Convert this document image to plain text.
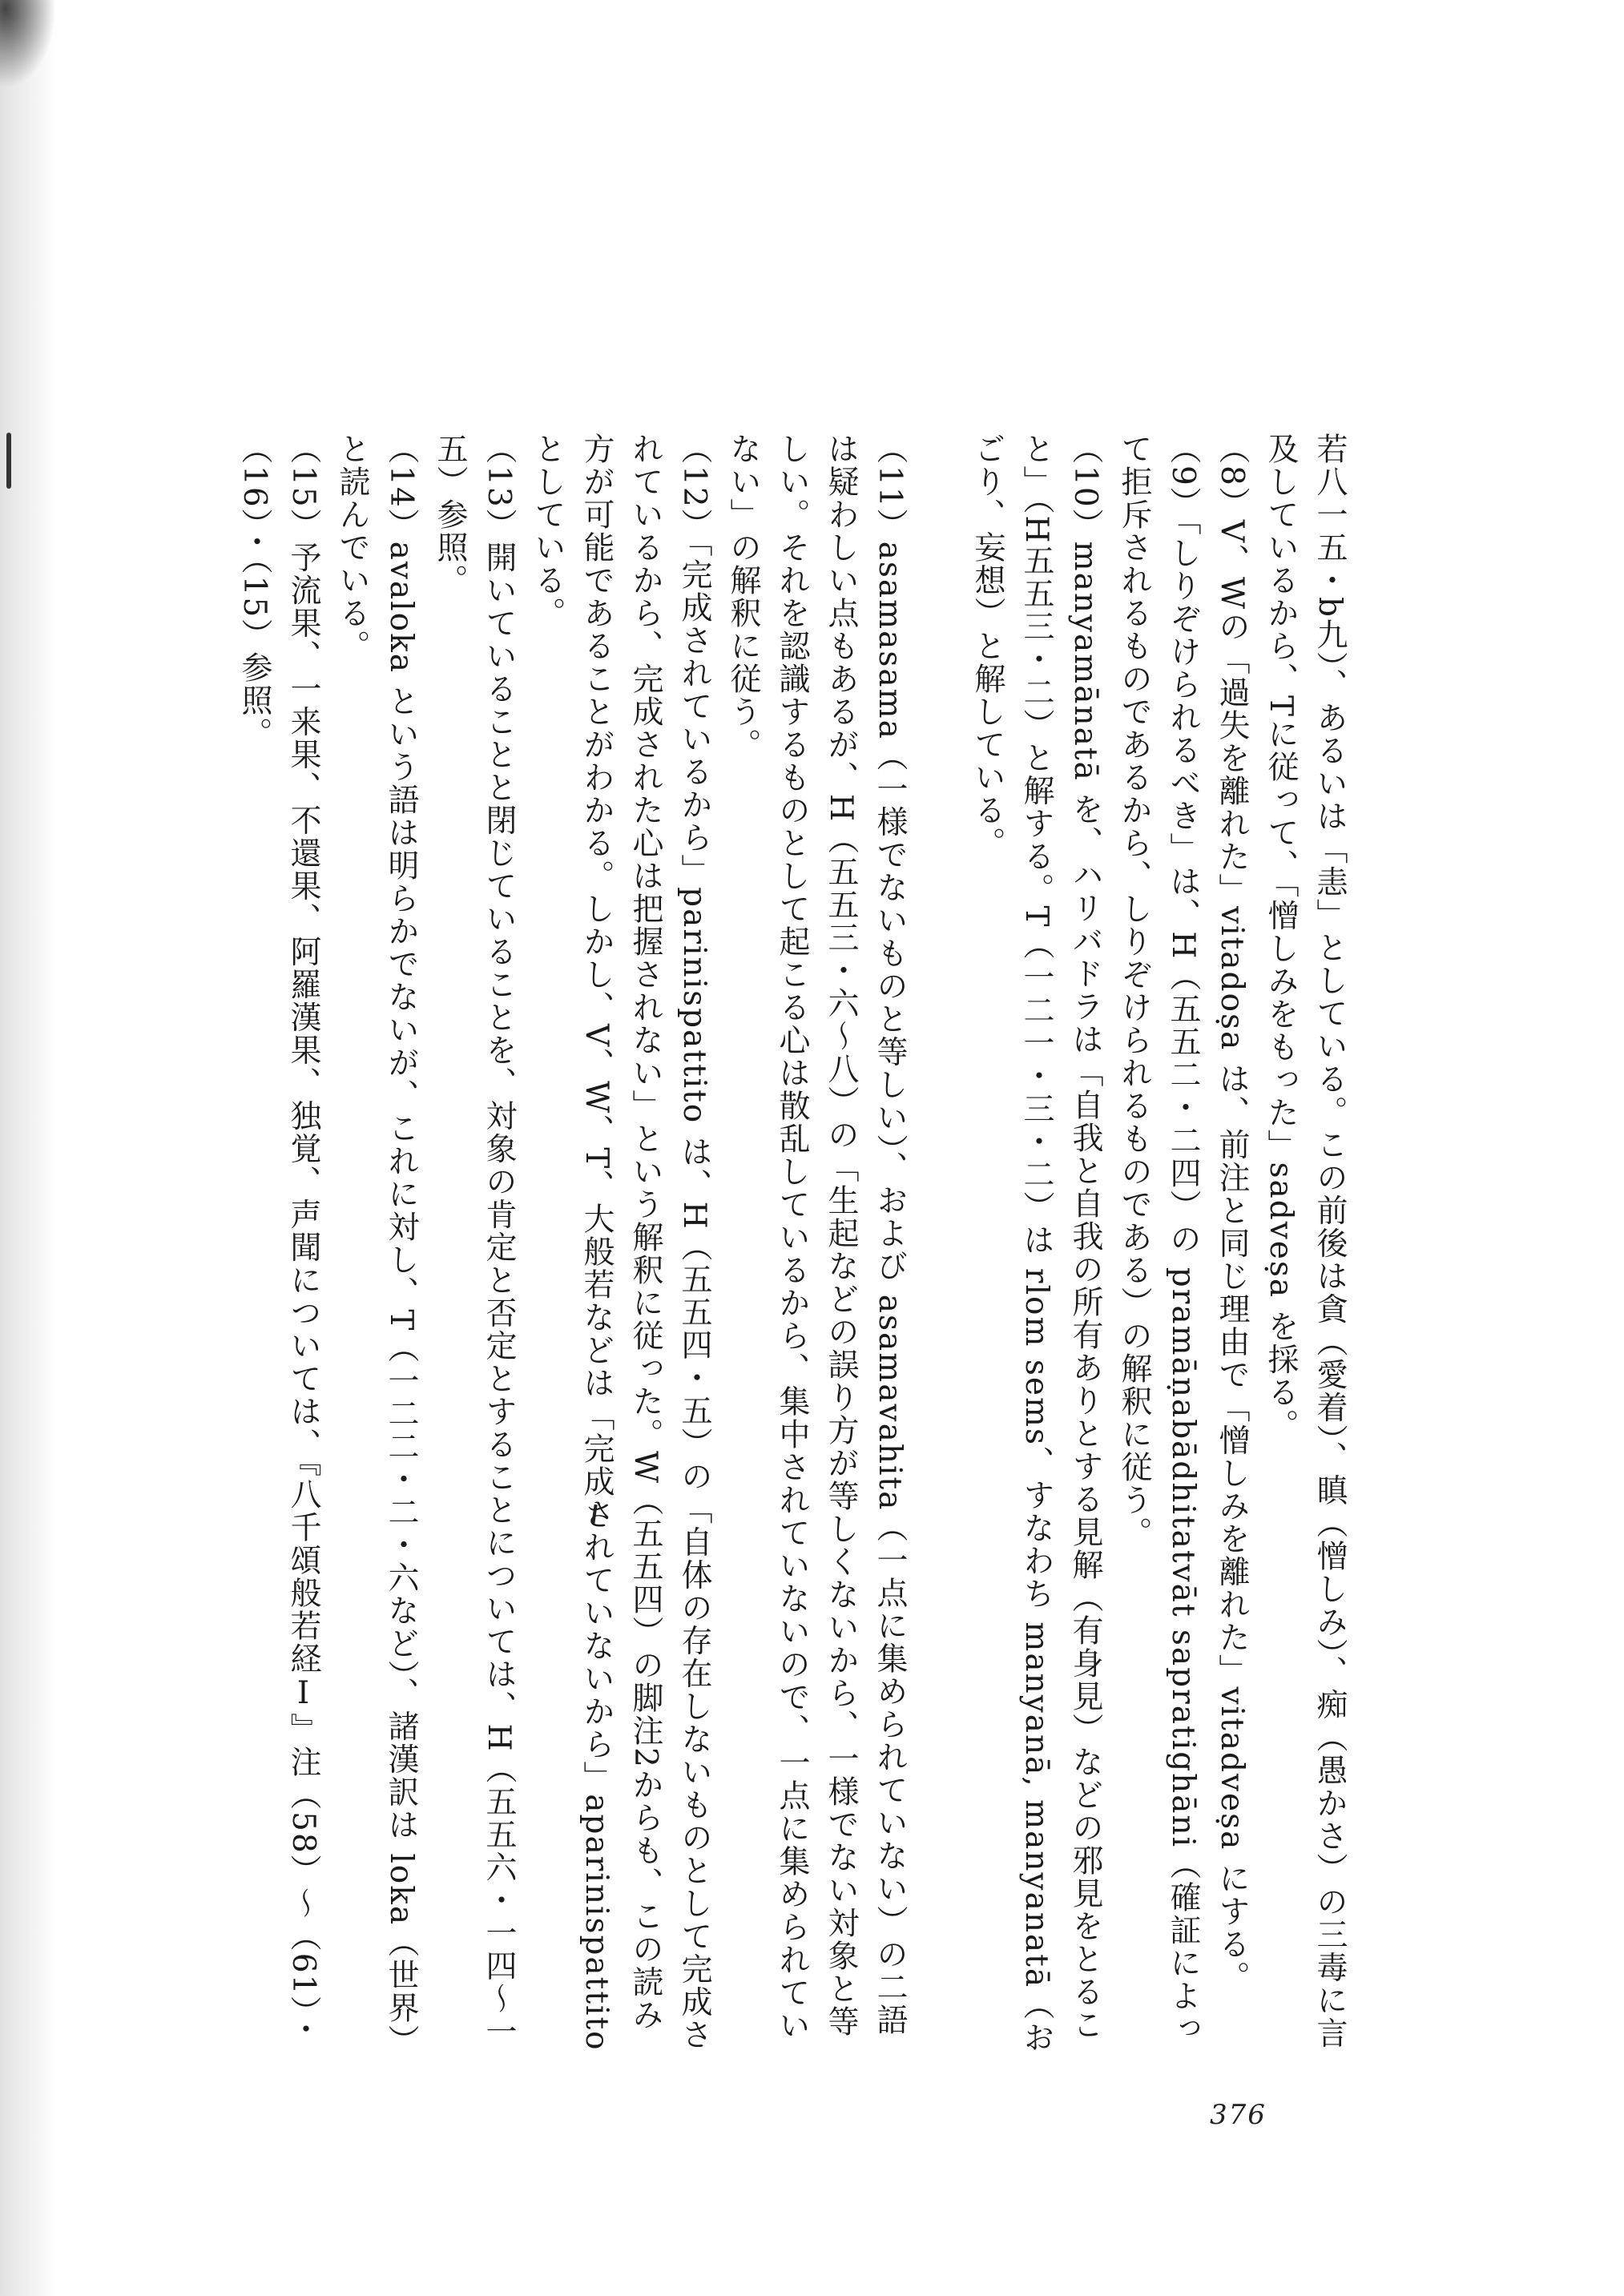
若八一五・b九）、あるいは「恚」としている。この前後は貪（愛着）、瞋（憎しみ）、痴（愚かさ）の三毒に言及しているから、Tに従って、「憎しみをもった」sadveṣa を採る。

（8）V、Wの「過失を離れた」vitadoṣa は、前注と同じ理由で「憎しみを離れた」vitadveṣa にする。

（9）「しりぞけられるべき」は、H（五五二・二四）の pramāṇabādhitatvāt sapratighāni（確証によって拒斥されるものであるから、しりぞけられるものである）の解釈に従う。

（10）manyamānatā を、ハリバドラは「自我と自我の所有ありとする見解（有身見）などの邪見をとること」（H五五三・二）と解する。T（一二一・三・二）は rlom sems、すなわち manyanā, manyanatā（おごり、妄想）と解している。

（11）asamasama（一様でないものと等しい）、および asamavahita（一点に集められていない）の二語は疑わしい点もあるが、H（五五三・六〜八）の「生起などの誤り方が等しくないから、一様でない対象と等しい。それを認識するものとして起こる心は散乱しているから、集中されていないので、一点に集められていない」の解釈に従う。

（12）「完成されているから」parinispattito は、H（五五四・五）の「自体の存在しないものとして完成されているから、完成された心は把握されない」という解釈に従った。W（五五四）の脚注2からも、この読み方が可能であることがわかる。しかし、V、W、T、大般若などは「完成されていないから」aparinispattito としている。

（13）開いていることと閉じていることを、対象の肯定と否定とすることについては、H（五五六・一四〜一五）参照。

（14）avaloka という語は明らかでないが、これに対し、T（一二二・二・六など）、諸漢訳は loka（世界）と読んでいる。

（15）予流果、一来果、不還果、阿羅漢果、独覚、声聞については、『八千頌般若経Ⅰ』注（58）〜（61）・（16）・（15）参照。

376
